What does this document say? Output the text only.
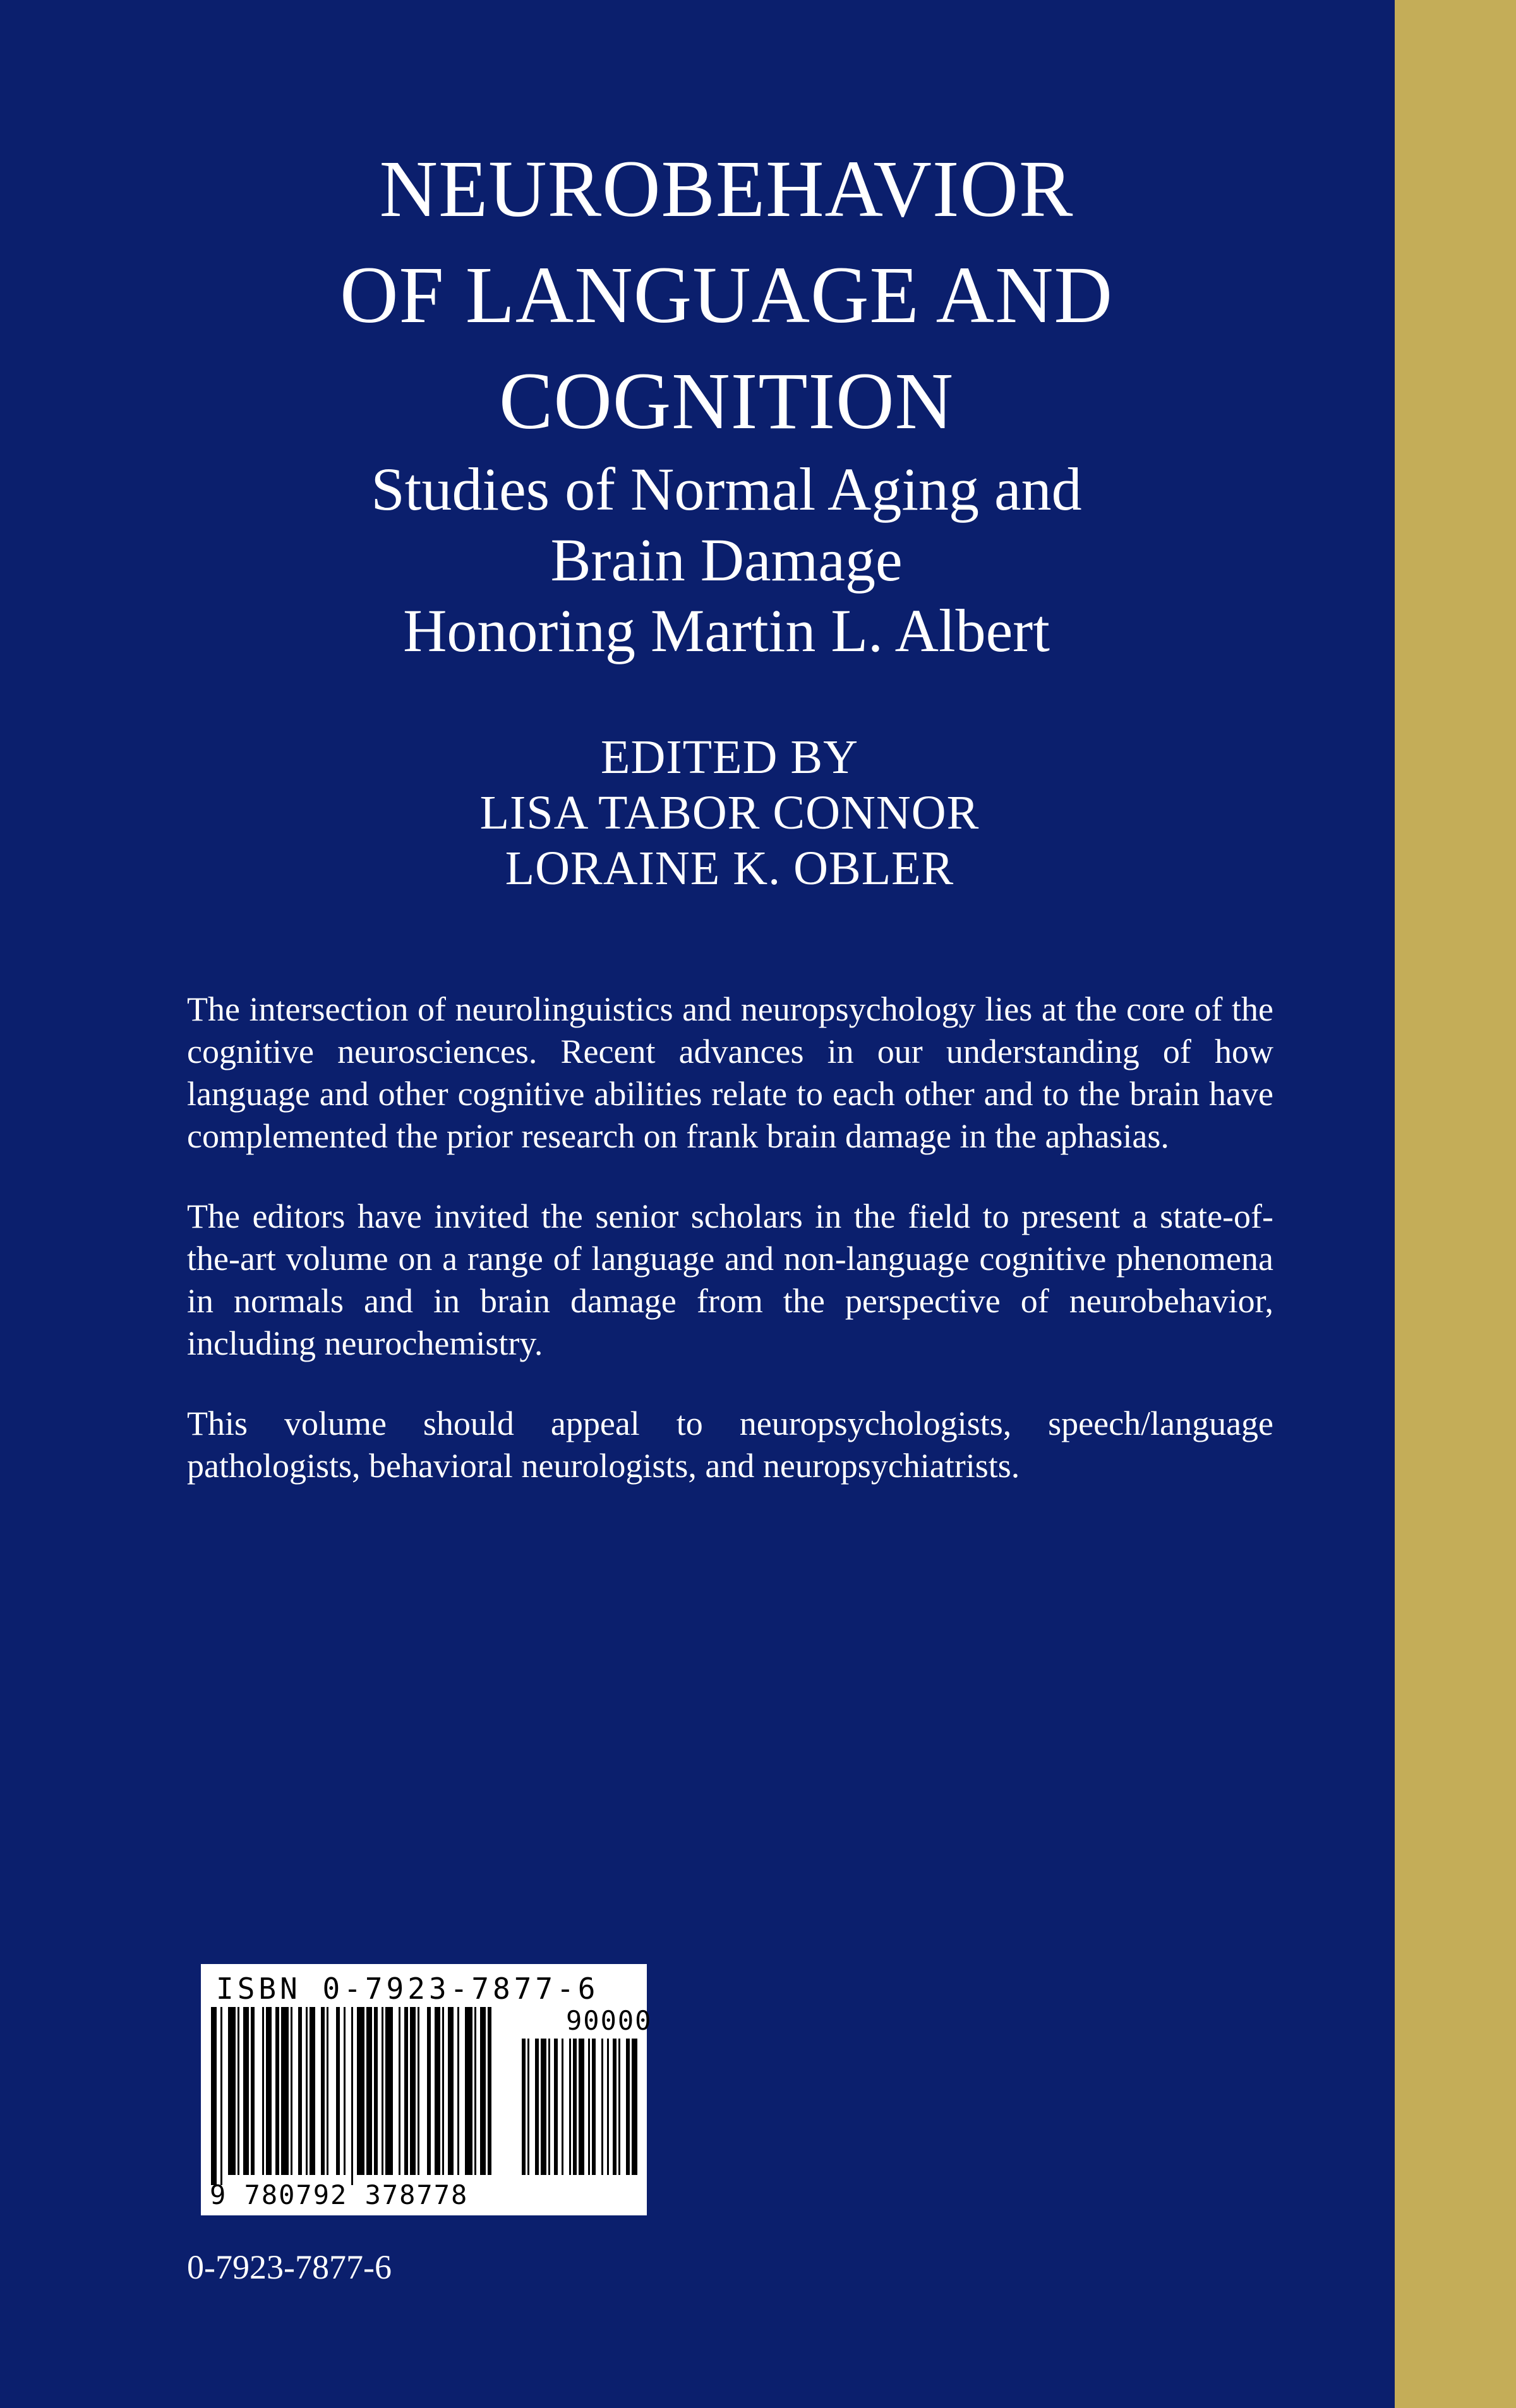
NEUROBEHAVIOR
OF LANGUAGE AND
COGNITION
Studies of Normal Aging and
Brain Damage
Honoring Martin L. Albert
EDITED BY
LISA TABOR CONNOR
LORAINE K. OBLER

The intersection of neurolinguistics and neuropsychology lies at the core of the cognitive neurosciences. Recent advances in our understanding of how language and other cognitive abilities relate to each other and to the brain have complemented the prior research on frank brain damage in the aphasias.

The editors have invited the senior scholars in the field to present a state-of-the-art volume on a range of language and non-language cognitive phenomena in normals and in brain damage from the perspective of neurobehavior, including neurochemistry.

This volume should appeal to neuropsychologists, speech/language pathologists, behavioral neurologists, and neuropsychiatrists.

ISBN 0-7923-7877-6
90000
9 780792 378778
0-7923-7877-6
